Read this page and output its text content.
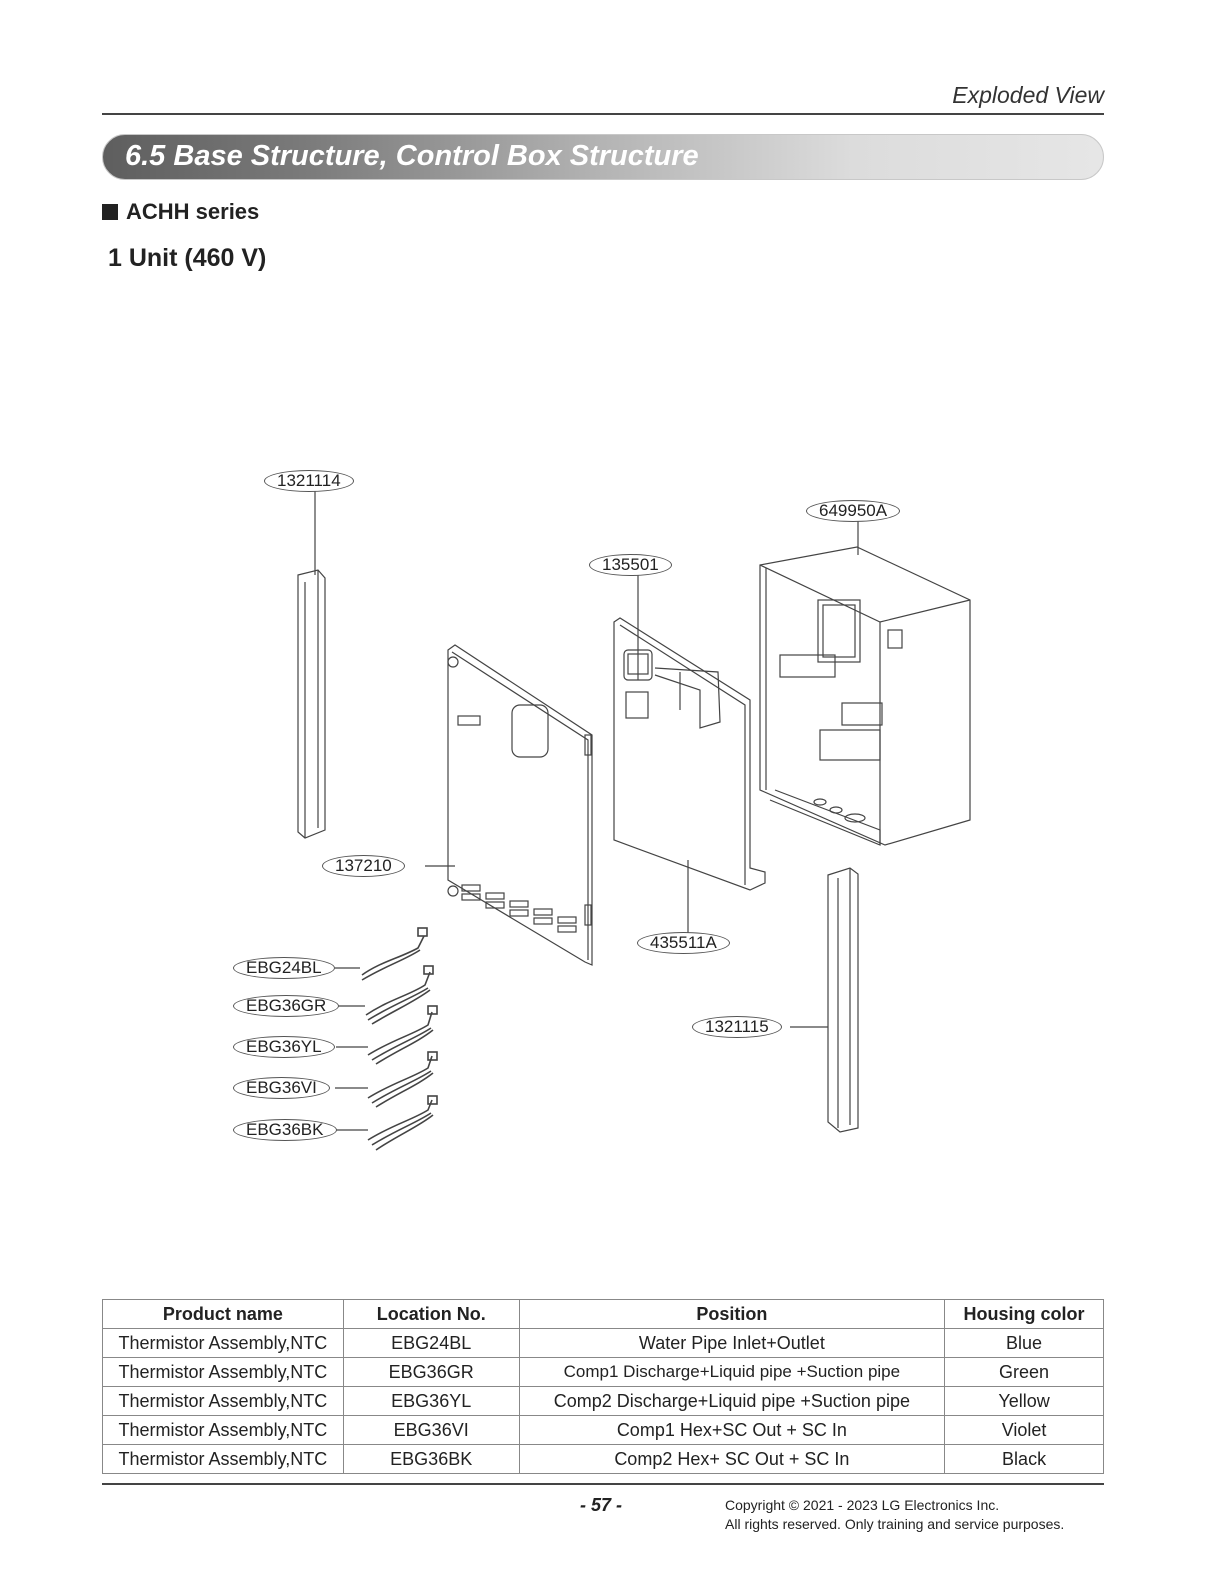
Exploded View
6.5 Base Structure, Control Box Structure
ACHH series
1 Unit (460 V)
1321114
649950A
135501
137210
435511A
1321115
EBG24BL
EBG36GR
EBG36YL
EBG36VI
EBG36BK
Product name	Location No.	Position	Housing color
Thermistor Assembly,NTC	EBG24BL	Water Pipe Inlet+Outlet	Blue
Thermistor Assembly,NTC	EBG36GR	Comp1 Discharge+Liquid pipe +Suction pipe	Green
Thermistor Assembly,NTC	EBG36YL	Comp2 Discharge+Liquid pipe +Suction pipe	Yellow
Thermistor Assembly,NTC	EBG36VI	Comp1 Hex+SC Out + SC In	Violet
Thermistor Assembly,NTC	EBG36BK	Comp2 Hex+ SC Out + SC In	Black
- 57 -	Copyright © 2021 - 2023 LG Electronics Inc.
All rights reserved. Only training and service purposes.
